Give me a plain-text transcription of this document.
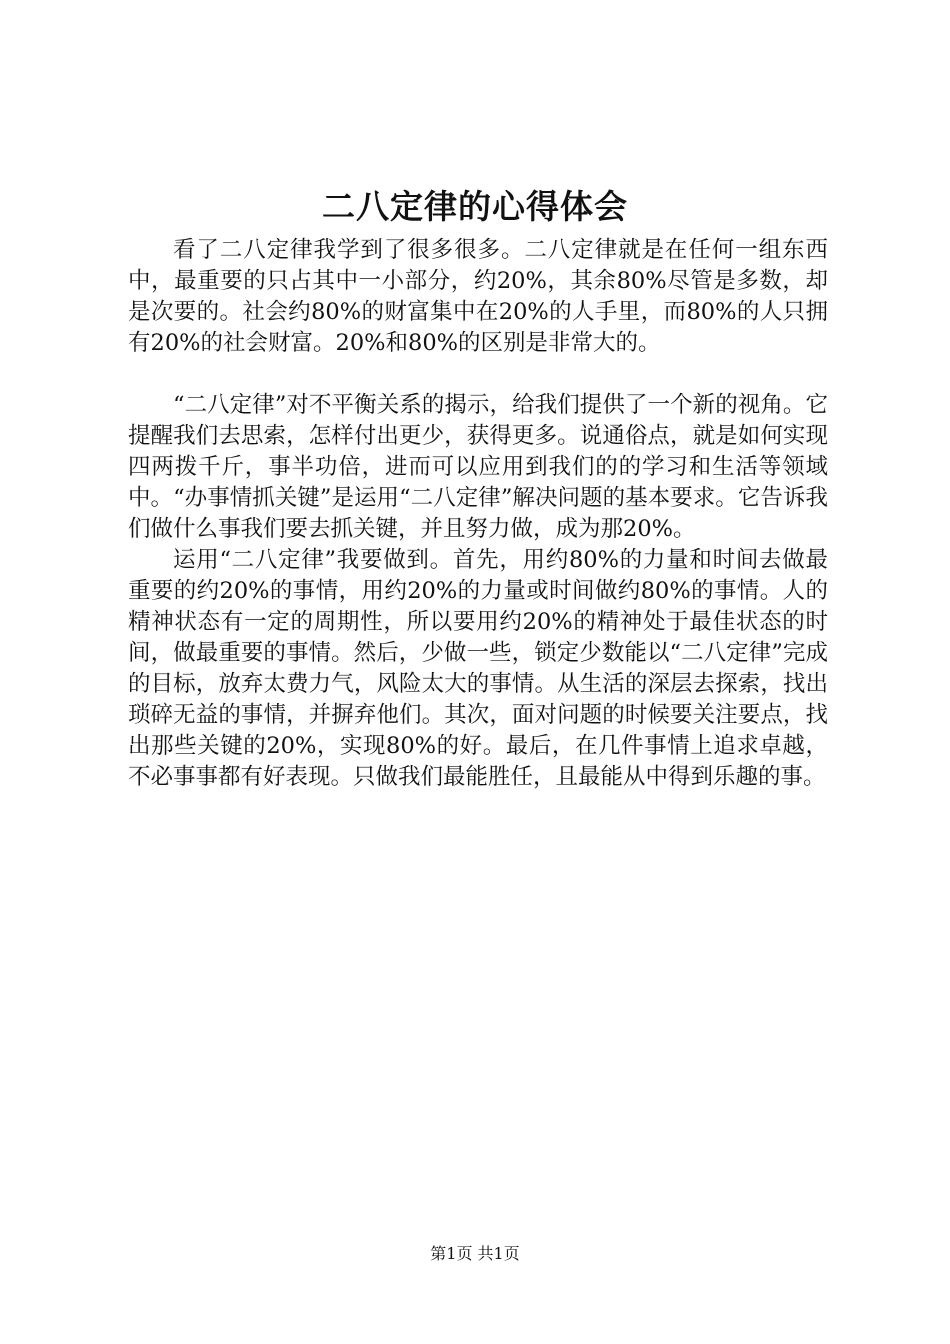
二八定律的心得体会

看了二八定律我学到了很多很多。二八定律就是在任何一组东西中，最重要的只占其中一小部分，约20%，其余80%尽管是多数，却是次要的。社会约80%的财富集中在20%的人手里，而80%的人只拥有20%的社会财富。20%和80%的区别是非常大的。

“二八定律”对不平衡关系的揭示，给我们提供了一个新的视角。它提醒我们去思索，怎样付出更少，获得更多。说通俗点，就是如何实现四两拨千斤，事半功倍，进而可以应用到我们的的学习和生活等领域中。“办事情抓关键”是运用“二八定律”解决问题的基本要求。它告诉我们做什么事我们要去抓关键，并且努力做，成为那20%。

运用“二八定律”我要做到。首先，用约80%的力量和时间去做最重要的约20%的事情，用约20%的力量或时间做约80%的事情。人的精神状态有一定的周期性，所以要用约20%的精神处于最佳状态的时间，做最重要的事情。然后，少做一些，锁定少数能以“二八定律”完成的目标，放弃太费力气，风险太大的事情。从生活的深层去探索，找出琐碎无益的事情，并摒弃他们。其次，面对问题的时候要关注要点，找出那些关键的20%，实现80%的好。最后，在几件事情上追求卓越，不必事事都有好表现。只做我们最能胜任，且最能从中得到乐趣的事。

第1页 共1页
